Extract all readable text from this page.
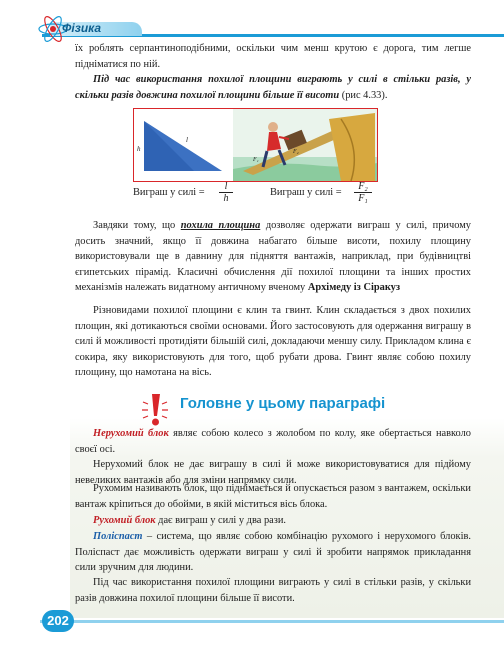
Фізика

їх роблять серпантиноподібними, оскільки чим менш крутою є дорога, тим легше підніматися по ній.

Під час використання похилої площини виграють у силі в стільки разів, у скільки разів довжина похилої площини більше її висоти (рис 4.33).

h
l
F₁
F₂
Виграш у силі = $\frac{l}{h}$	Виграш у силі = $\frac{\text{F₂}}{\text{F₁}}$

Завдяки тому, що похила площина дозволяє одержати виграш у силі, причому досить значний, якщо її довжина набагато більше висоти, похилу площину використовували ще в давнину для підняття вантажів, наприклад, при будівництві єгипетських пірамід. Класичні обчислення дії похилої площини та інших простих механізмів належать видатному античному вченому Архімеду із Сіракуз

Різновидами похилої площини є клин та гвинт. Клин складається з двох похилих площин, які дотикаються своїми основами. Його застосовують для одержання виграшу в силі й можливості протидіяти більшій силі, докладаючи меншу силу. Прикладом клина є сокира, яку використовують для того, щоб рубати дрова. Гвинт являє собою похилу площину, що намотана на вісь.

Головне у цьому параграфі

Нерухомий блок являє собою колесо з жолобом по колу, яке обертається навколо своєї осі.

Нерухомий блок не дає виграшу в силі й може використовуватися для підйому невеликих вантажів або для зміни напрямку сили.

Рухомим називають блок, що піднімається й опускається разом з вантажем, оскільки вантаж кріпиться до обойми, в якій міститься вісь блока.

Рухомий блок дає виграш у силі у два рази.

Поліспаст – система, що являє собою комбінацію рухомого і нерухомого блоків. Поліспаст дає можливість одержати виграш у силі й зробити напрямок прикладання сили зручним для людини.

Під час використання похилої площини виграють у силі в стільки разів, у скільки разів довжина похилої площини більше її висоти.

202
